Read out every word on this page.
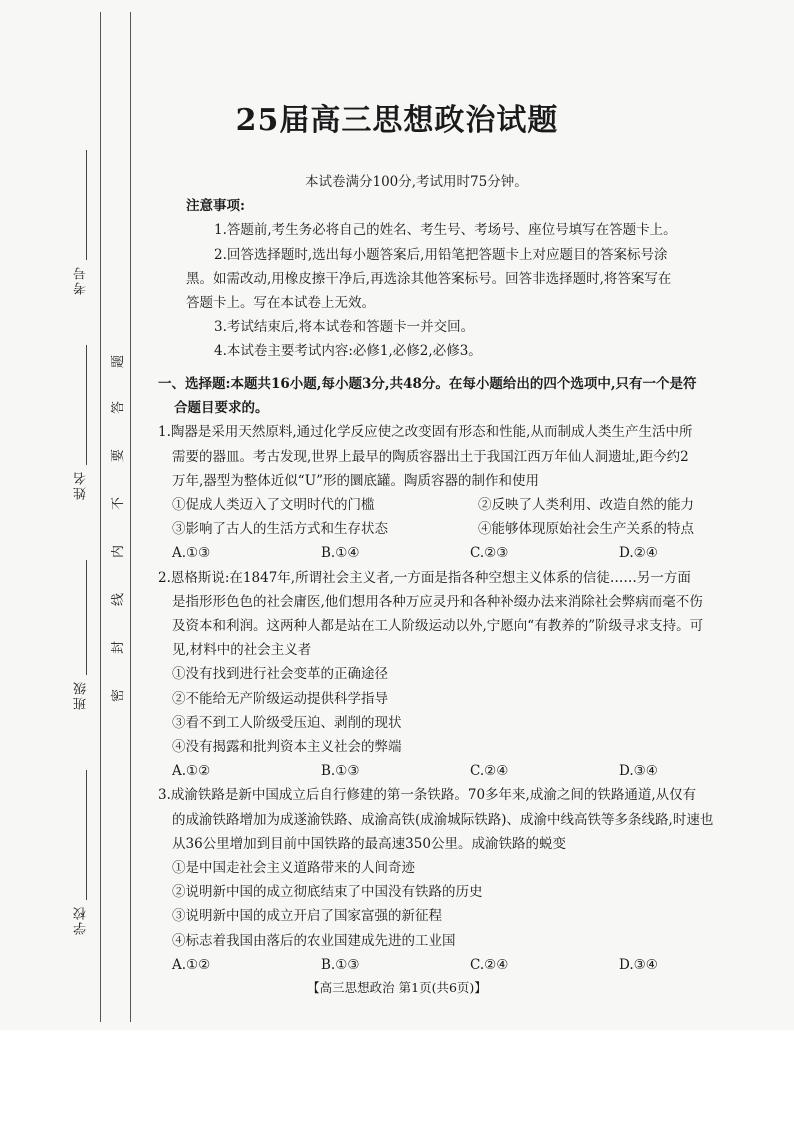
考号
姓名
班级
学校
题
答
要
不
内
线
封
密
25届高三思想政治试题
本试卷满分100分,考试用时75分钟。
注意事项:
1.答题前,考生务必将自己的姓名、考生号、考场号、座位号填写在答题卡上。
2.回答选择题时,选出每小题答案后,用铅笔把答题卡上对应题目的答案标号涂
黑。如需改动,用橡皮擦干净后,再选涂其他答案标号。回答非选择题时,将答案写在
答题卡上。写在本试卷上无效。
3.考试结束后,将本试卷和答题卡一并交回。
4.本试卷主要考试内容:必修1,必修2,必修3。
一、选择题:本题共16小题,每小题3分,共48分。在每小题给出的四个选项中,只有一个是符
合题目要求的。
1.陶器是采用天然原料,通过化学反应使之改变固有形态和性能,从而制成人类生产生活中所
需要的器皿。考古发现,世界上最早的陶质容器出土于我国江西万年仙人洞遗址,距今约2
万年,器型为整体近似“U”形的圜底罐。陶质容器的制作和使用
①促成人类迈入了文明时代的门槛	②反映了人类利用、改造自然的能力
③影响了古人的生活方式和生存状态	④能够体现原始社会生产关系的特点
A.①③	B.①④	C.②③	D.②④
2.恩格斯说:在1847年,所谓社会主义者,一方面是指各种空想主义体系的信徒……另一方面
是指形形色色的社会庸医,他们想用各种万应灵丹和各种补缀办法来消除社会弊病而毫不伤
及资本和利润。这两种人都是站在工人阶级运动以外,宁愿向“有教养的”阶级寻求支持。可
见,材料中的社会主义者
①没有找到进行社会变革的正确途径
②不能给无产阶级运动提供科学指导
③看不到工人阶级受压迫、剥削的现状
④没有揭露和批判资本主义社会的弊端
A.①②	B.①③	C.②④	D.③④
3.成渝铁路是新中国成立后自行修建的第一条铁路。70多年来,成渝之间的铁路通道,从仅有
的成渝铁路增加为成遂渝铁路、成渝高铁(成渝城际铁路)、成渝中线高铁等多条线路,时速也
从36公里增加到目前中国铁路的最高速350公里。成渝铁路的蜕变
①是中国走社会主义道路带来的人间奇迹
②说明新中国的成立彻底结束了中国没有铁路的历史
③说明新中国的成立开启了国家富强的新征程
④标志着我国由落后的农业国建成先进的工业国
A.①②	B.①③	C.②④	D.③④
【高三思想政治 第1页(共6页)】
